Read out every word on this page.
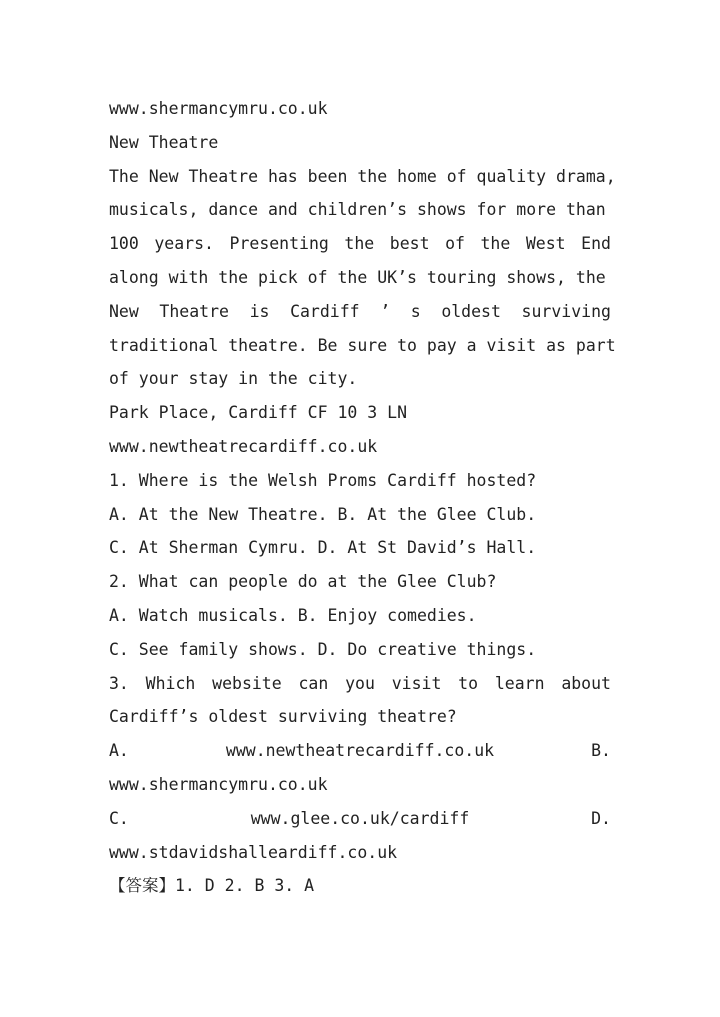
www.shermancymru.co.uk
New Theatre
The New Theatre has been the home of quality drama,
musicals, dance and children’s shows for more than
100 years. Presenting the best of the West End
along with the pick of the UK’s touring shows, the
New Theatre is Cardiff ’ s oldest surviving
traditional theatre. Be sure to pay a visit as part
of your stay in the city.
Park Place, Cardiff CF 10 3 LN
www.newtheatrecardiff.co.uk
1. Where is the Welsh Proms Cardiff hosted?
A. At the New Theatre. B. At the Glee Club.
C. At Sherman Cymru. D. At St David’s Hall.
2. What can people do at the Glee Club?
A. Watch musicals. B. Enjoy comedies.
C. See family shows. D. Do creative things.
3. Which website can you visit to learn about
Cardiff’s oldest surviving theatre?
A.	www.newtheatrecardiff.co.uk	B.
www.shermancymru.co.uk
C.	www.glee.co.uk/cardiff	D.
www.stdavidshalleardiff.co.uk
【答案】1. D 2. B 3. A
